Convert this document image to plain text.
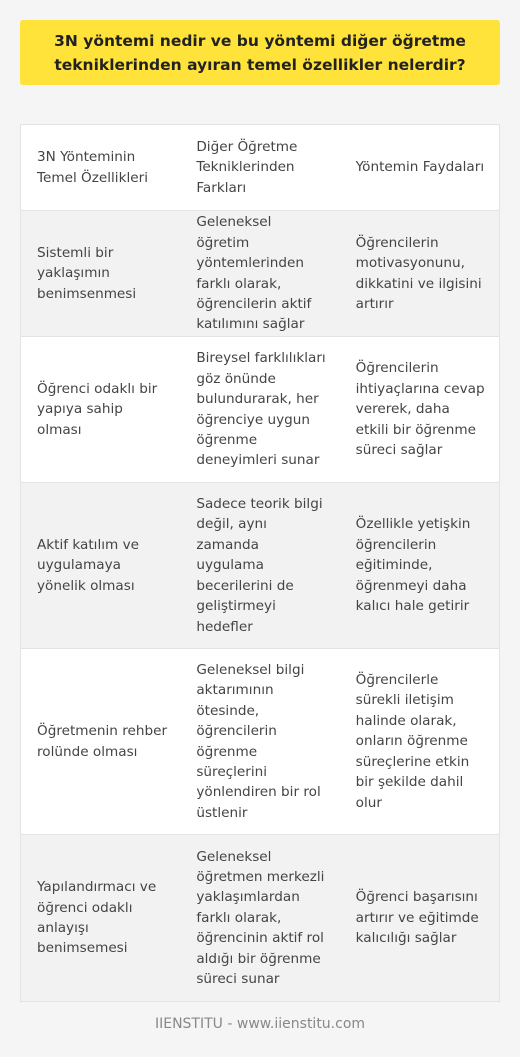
3N yöntemi nedir ve bu yöntemi diğer öğretme tekniklerinden ayıran temel özellikler nelerdir?
3N Yönteminin Temel Özellikleri
Diğer Öğretme Tekniklerinden Farkları
Yöntemin Faydaları
Sistemli bir yaklaşımın benimsenmesi
Geleneksel öğretim yöntemlerinden farklı olarak, öğrencilerin aktif katılımını sağlar
Öğrencilerin motivasyonunu, dikkatini ve ilgisini artırır
Öğrenci odaklı bir yapıya sahip olması
Bireysel farklılıkları göz önünde bulundurarak, her öğrenciye uygun öğrenme deneyimleri sunar
Öğrencilerin ihtiyaçlarına cevap vererek, daha etkili bir öğrenme süreci sağlar
Aktif katılım ve uygulamaya yönelik olması
Sadece teorik bilgi değil, aynı zamanda uygulama becerilerini de geliştirmeyi hedefler
Özellikle yetişkin öğrencilerin eğitiminde, öğrenmeyi daha kalıcı hale getirir
Öğretmenin rehber rolünde olması
Geleneksel bilgi aktarımının ötesinde, öğrencilerin öğrenme süreçlerini yönlendiren bir rol üstlenir
Öğrencilerle sürekli iletişim halinde olarak, onların öğrenme süreçlerine etkin bir şekilde dahil olur
Yapılandırmacı ve öğrenci odaklı anlayışı benimsemesi
Geleneksel öğretmen merkezli yaklaşımlardan farklı olarak, öğrencinin aktif rol aldığı bir öğrenme süreci sunar
Öğrenci başarısını artırır ve eğitimde kalıcılığı sağlar
IIENSTITU - www.iienstitu.com
